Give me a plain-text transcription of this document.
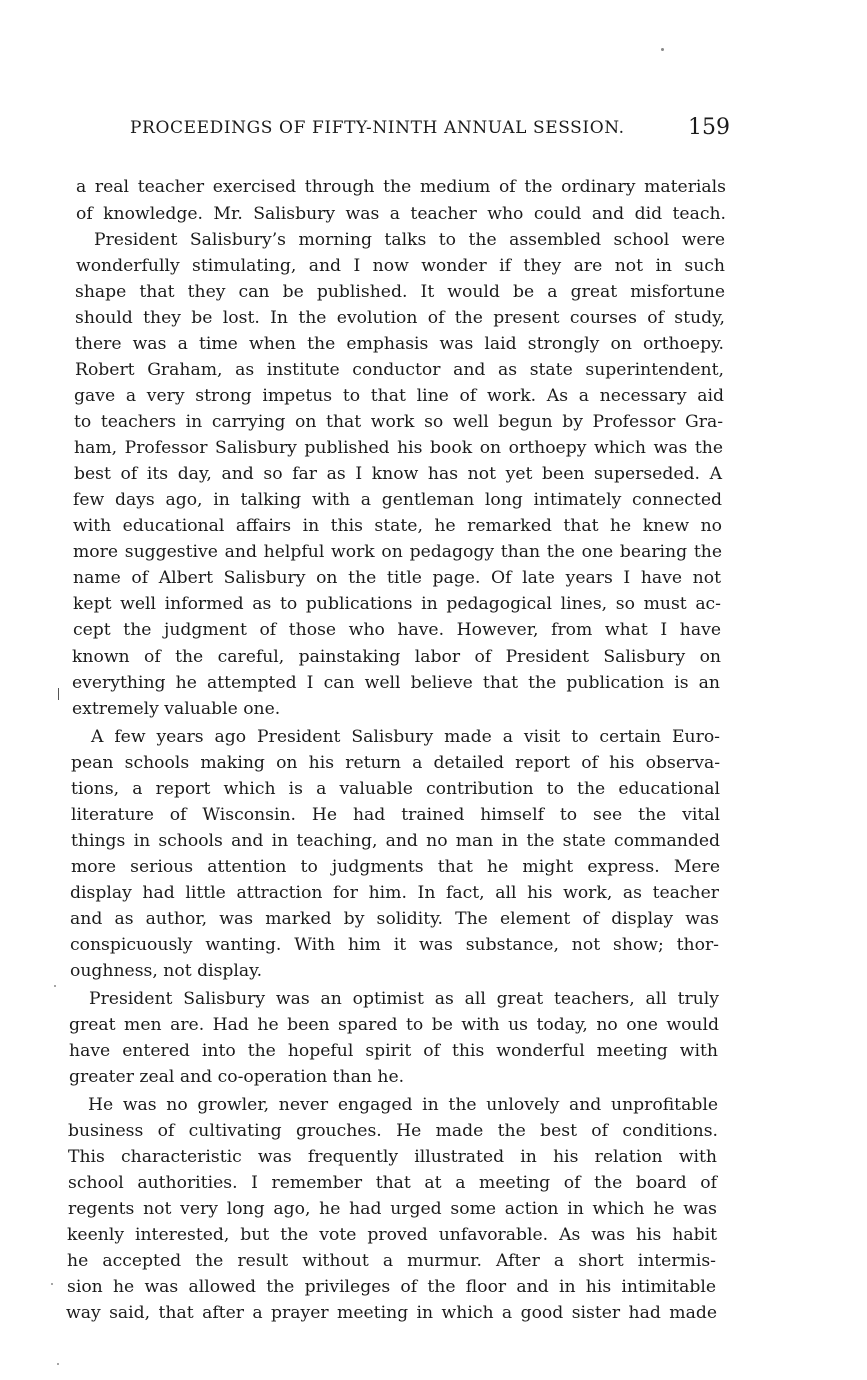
PROCEEDINGS OF FIFTY-NINTH ANNUAL SESSION.	159
a real teacher exercised through the medium of the ordinary materials
of knowledge. Mr. Salisbury was a teacher who could and did teach.
President Salisbury’s morning talks to the assembled school were
wonderfully stimulating, and I now wonder if they are not in such
shape that they can be published. It would be a great misfortune
should they be lost. In the evolution of the present courses of study,
there was a time when the emphasis was laid strongly on orthoepy.
Robert Graham, as institute conductor and as state superintendent,
gave a very strong impetus to that line of work. As a necessary aid
to teachers in carrying on that work so well begun by Professor Gra-
ham, Professor Salisbury published his book on orthoepy which was the
best of its day, and so far as I know has not yet been superseded. A
few days ago, in talking with a gentleman long intimately connected
with educational affairs in this state, he remarked that he knew no
more suggestive and helpful work on pedagogy than the one bearing the
name of Albert Salisbury on the title page. Of late years I have not
kept well informed as to publications in pedagogical lines, so must ac-
cept the judgment of those who have. However, from what I have
known of the careful, painstaking labor of President Salisbury on
everything he attempted I can well believe that the publication is an
extremely valuable one.
A few years ago President Salisbury made a visit to certain Euro-
pean schools making on his return a detailed report of his observa-
tions, a report which is a valuable contribution to the educational
literature of Wisconsin. He had trained himself to see the vital
things in schools and in teaching, and no man in the state commanded
more serious attention to judgments that he might express. Mere
display had little attraction for him. In fact, all his work, as teacher
and as author, was marked by solidity. The element of display was
conspicuously wanting. With him it was substance, not show; thor-
oughness, not display.
President Salisbury was an optimist as all great teachers, all truly
great men are. Had he been spared to be with us today, no one would
have entered into the hopeful spirit of this wonderful meeting with
greater zeal and co-operation than he.
He was no growler, never engaged in the unlovely and unprofitable
business of cultivating grouches. He made the best of conditions.
This characteristic was frequently illustrated in his relation with
school authorities. I remember that at a meeting of the board of
regents not very long ago, he had urged some action in which he was
keenly interested, but the vote proved unfavorable. As was his habit
he accepted the result without a murmur. After a short intermis-
sion he was allowed the privileges of the floor and in his intimitable
way said, that after a prayer meeting in which a good sister had made
